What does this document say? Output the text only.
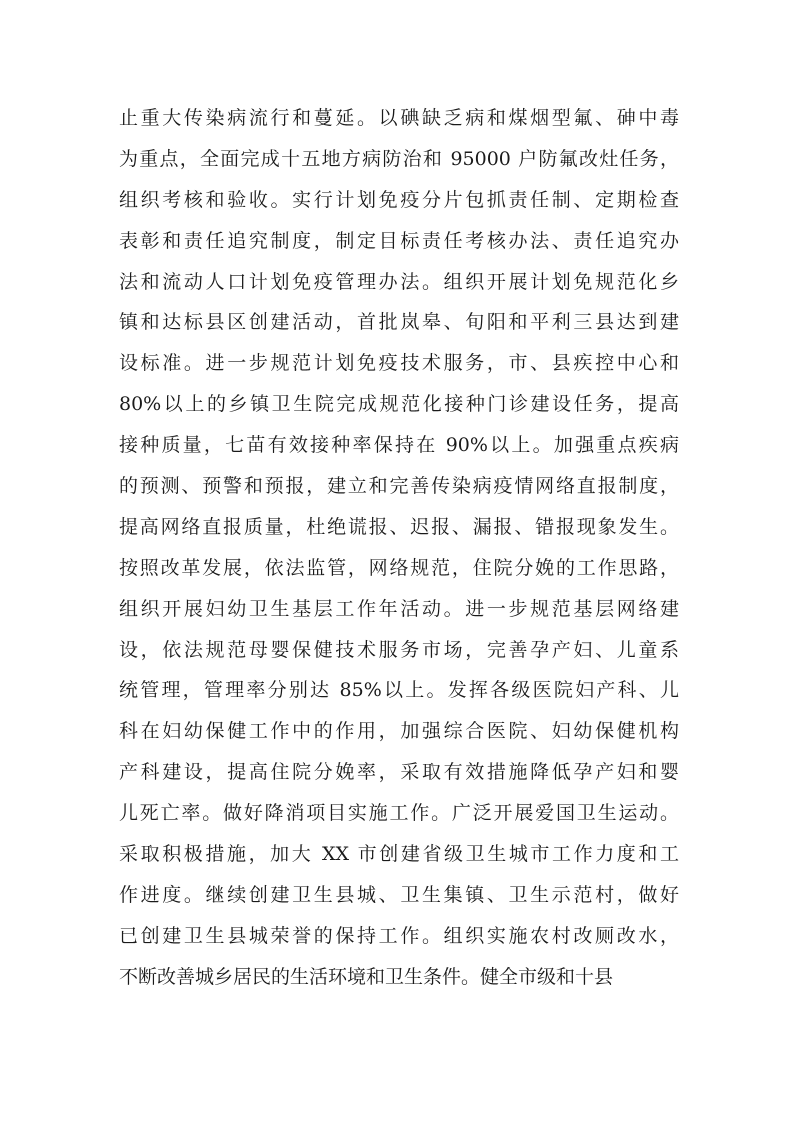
止重大传染病流行和蔓延。以碘缺乏病和煤烟型氟、砷中毒
为重点，全面完成十五地方病防治和 95000 户防氟改灶任务，
组织考核和验收。实行计划免疫分片包抓责任制、定期检查
表彰和责任追究制度，制定目标责任考核办法、责任追究办
法和流动人口计划免疫管理办法。组织开展计划免规范化乡
镇和达标县区创建活动，首批岚皋、旬阳和平利三县达到建
设标准。进一步规范计划免疫技术服务，市、县疾控中心和
80%以上的乡镇卫生院完成规范化接种门诊建设任务，提高
接种质量，七苗有效接种率保持在 90%以上。加强重点疾病
的预测、预警和预报，建立和完善传染病疫情网络直报制度，
提高网络直报质量，杜绝谎报、迟报、漏报、错报现象发生。
按照改革发展，依法监管，网络规范，住院分娩的工作思路，
组织开展妇幼卫生基层工作年活动。进一步规范基层网络建
设，依法规范母婴保健技术服务市场，完善孕产妇、儿童系
统管理，管理率分别达 85%以上。发挥各级医院妇产科、儿
科在妇幼保健工作中的作用，加强综合医院、妇幼保健机构
产科建设，提高住院分娩率，采取有效措施降低孕产妇和婴
儿死亡率。做好降消项目实施工作。广泛开展爱国卫生运动。
采取积极措施，加大 XX 市创建省级卫生城市工作力度和工
作进度。继续创建卫生县城、卫生集镇、卫生示范村，做好
已创建卫生县城荣誉的保持工作。组织实施农村改厕改水，
不断改善城乡居民的生活环境和卫生条件。健全市级和十县
